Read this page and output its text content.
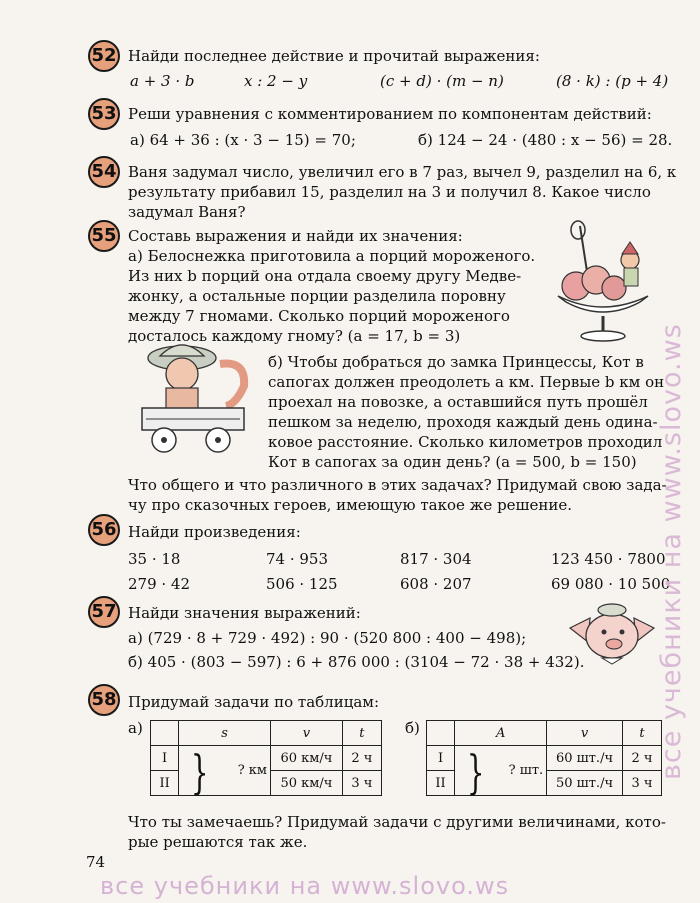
52 Найди последнее действие и прочитай выражения:
a + 3 · b	x : 2 − y	(c + d) · (m − n)	(8 · k) : (p + 4)
53 Реши уравнения с комментированием по компонентам действий:
а) 64 + 36 : (x · 3 − 15) = 70;	б) 124 − 24 · (480 : x − 56) = 28.
54 Ваня задумал число, увеличил его в 7 раз, вычел 9, разделил на 6, к
результату прибавил 15, разделил на 3 и получил 8. Какое число
задумал Ваня?
55 Составь выражения и найди их значения:
а) Белоснежка приготовила a порций мороженого.
Из них b порций она отдала своему другу Медве-
жонку, a остальные порции разделила поровну
между 7 гномами. Сколько порций мороженого
досталось каждому гному? (a = 17, b = 3)
б) Чтобы добраться до замка Принцессы, Кот в
сапогах должен преодолеть a км. Первые b км он
проехал на повозке, а оставшийся путь прошёл
пешком за неделю, проходя каждый день одина-
ковое расстояние. Сколько километров проходил
Кот в сапогах за один день? (a = 500, b = 150)
Что общего и что различного в этих задачах? Придумай свою зада-
чу про сказочных героев, имеющую такое же решение.
56 Найди произведения:
35 · 18	74 · 953	817 · 304	123 450 · 7800
279 · 42	506 · 125	608 · 207	69 080 · 10 500
57 Найди значения выражений:
а) (729 · 8 + 729 · 492) : 90 · (520 800 : 400 − 498);
б) 405 · (803 − 597) : 6 + 876 000 : (3104 − 72 · 38 + 432).
58 Придумай задачи по таблицам:
а)
		s	v	t
I	} ? км	60 км/ч	2 ч
II		50 км/ч	3 ч
б)
		A	v	t
I	} ? шт.	60 шт./ч	2 ч
II		50 шт./ч	3 ч
Что ты замечаешь? Придумай задачи с другими величинами, кото-
рые решаются так же.
74
все учебники на www.slovo.ws
все учебники на www.slovo.ws
